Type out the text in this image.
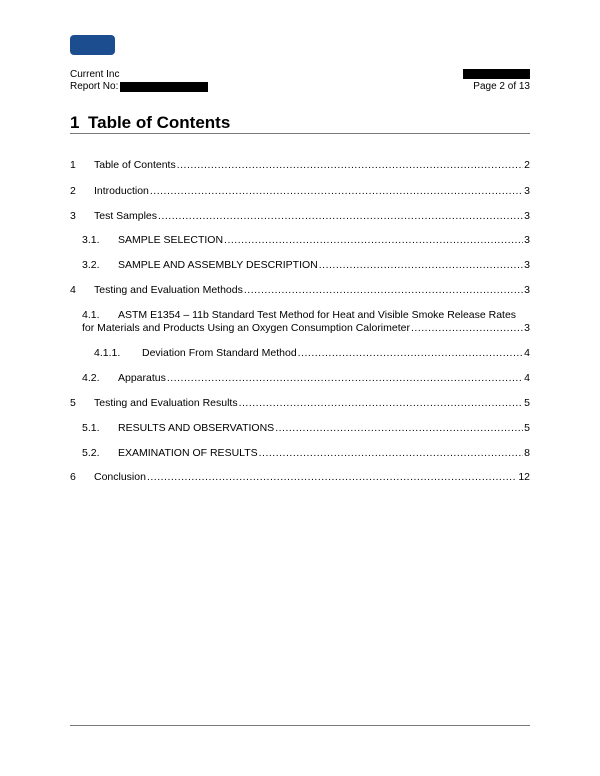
Current Inc
Report No:	Page 2 of 13
1 Table of Contents
1	Table of Contents .....	2
2	Introduction .....	3
3	Test Samples .....	3
3.1.	SAMPLE SELECTION .....	3
3.2.	SAMPLE AND ASSEMBLY DESCRIPTION .....	3
4	Testing and Evaluation Methods .....	3
4.1.	ASTM E1354 – 11b Standard Test Method for Heat and Visible Smoke Release Rates
for Materials and Products Using an Oxygen Consumption Calorimeter .....	3
4.1.1.	Deviation From Standard Method .....	4
4.2.	Apparatus .....	4
5	Testing and Evaluation Results .....	5
5.1.	RESULTS AND OBSERVATIONS .....	5
5.2.	EXAMINATION OF RESULTS .....	8
6	Conclusion .....	12
